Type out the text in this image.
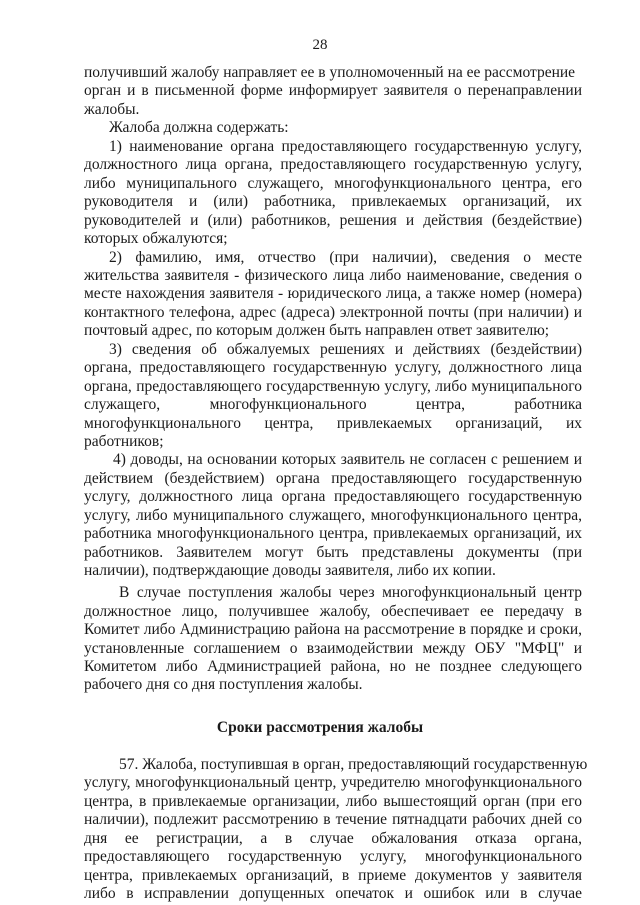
28
получивший жалобу направляет ее в уполномоченный на ее рассмотрение
орган и в письменной форме информирует заявителя о перенаправлении
жалобы.
Жалоба должна содержать:
1) наименование органа предоставляющего государственную услугу,
должностного лица органа, предоставляющего государственную услугу,
либо муниципального служащего, многофункционального центра, его
руководителя и (или) работника, привлекаемых организаций, их
руководителей и (или) работников, решения и действия (бездействие)
которых обжалуются;
2) фамилию, имя, отчество (при наличии), сведения о месте
жительства заявителя - физического лица либо наименование, сведения о
месте нахождения заявителя - юридического лица, а также номер (номера)
контактного телефона, адрес (адреса) электронной почты (при наличии) и
почтовый адрес, по которым должен быть направлен ответ заявителю;
3) сведения об обжалуемых решениях и действиях (бездействии)
органа, предоставляющего государственную услугу, должностного лица
органа, предоставляющего государственную услугу, либо муниципального
служащего, многофункционального центра, работника
многофункционального центра, привлекаемых организаций, их
работников;
4) доводы, на основании которых заявитель не согласен с решением и
действием (бездействием) органа предоставляющего государственную
услугу, должностного лица органа предоставляющего государственную
услугу, либо муниципального служащего, многофункционального центра,
работника многофункционального центра, привлекаемых организаций, их
работников. Заявителем могут быть представлены документы (при
наличии), подтверждающие доводы заявителя, либо их копии.
В случае поступления жалобы через многофункциональный центр
должностное лицо, получившее жалобу, обеспечивает ее передачу в
Комитет либо Администрацию района на рассмотрение в порядке и сроки,
установленные соглашением о взаимодействии между ОБУ "МФЦ" и
Комитетом либо Администрацией района, но не позднее следующего
рабочего дня со дня поступления жалобы.
Сроки рассмотрения жалобы
57. Жалоба, поступившая в орган, предоставляющий государственную
услугу, многофункциональный центр, учредителю многофункционального
центра, в привлекаемые организации, либо вышестоящий орган (при его
наличии), подлежит рассмотрению в течение пятнадцати рабочих дней со
дня ее регистрации, а в случае обжалования отказа органа,
предоставляющего государственную услугу, многофункционального
центра, привлекаемых организаций, в приеме документов у заявителя
либо в исправлении допущенных опечаток и ошибок или в случае
